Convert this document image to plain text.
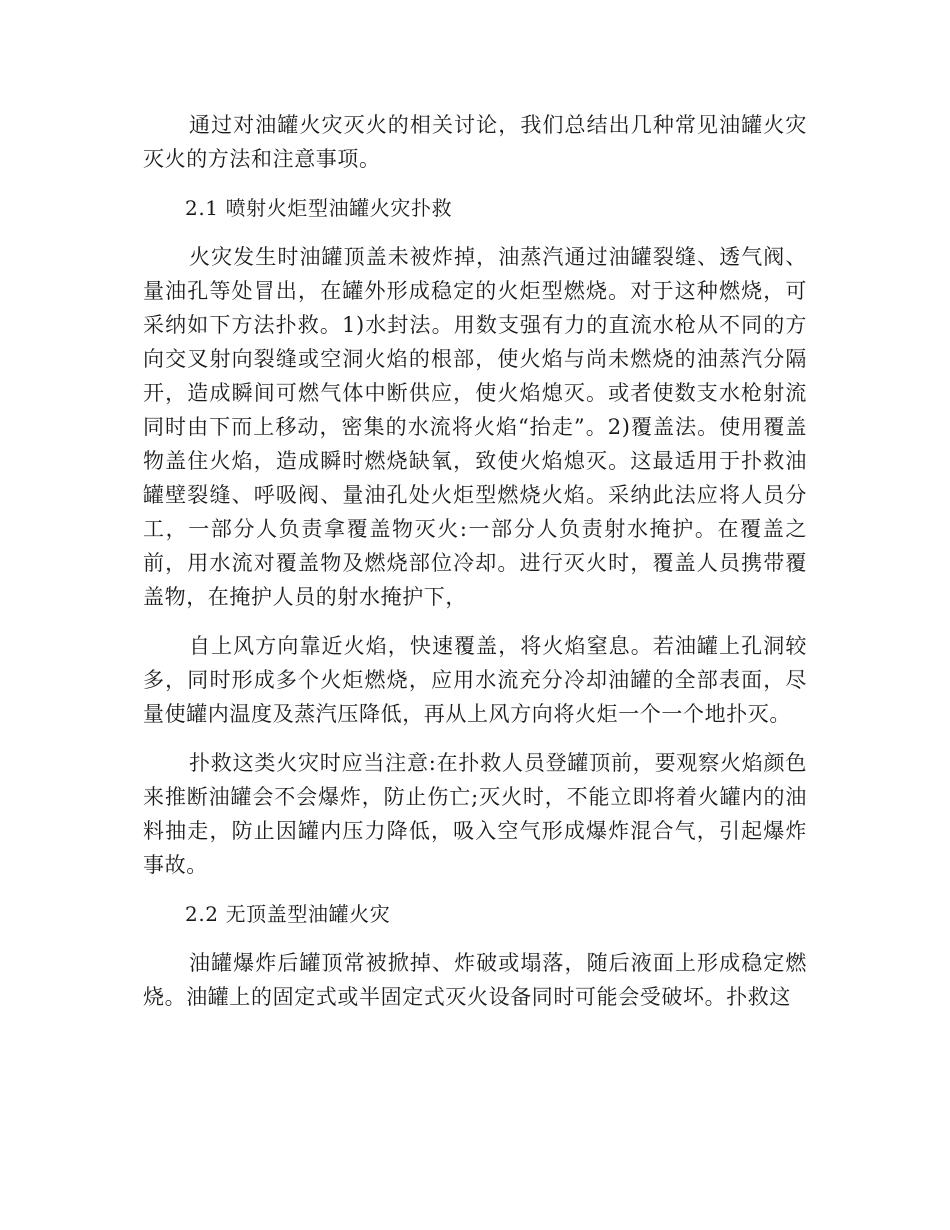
通过对油罐火灾灭火的相关讨论，我们总结出几种常见油罐火灾灭火的方法和注意事项。

2.1 喷射火炬型油罐火灾扑救

火灾发生时油罐顶盖未被炸掉，油蒸汽通过油罐裂缝、透气阀、量油孔等处冒出，在罐外形成稳定的火炬型燃烧。对于这种燃烧，可采纳如下方法扑救。1)水封法。用数支强有力的直流水枪从不同的方向交叉射向裂缝或空洞火焰的根部，使火焰与尚未燃烧的油蒸汽分隔开，造成瞬间可燃气体中断供应，使火焰熄灭。或者使数支水枪射流同时由下而上移动，密集的水流将火焰“抬走”。2)覆盖法。使用覆盖物盖住火焰，造成瞬时燃烧缺氧，致使火焰熄灭。这最适用于扑救油罐壁裂缝、呼吸阀、量油孔处火炬型燃烧火焰。采纳此法应将人员分工，一部分人负责拿覆盖物灭火:一部分人负责射水掩护。在覆盖之前，用水流对覆盖物及燃烧部位冷却。进行灭火时，覆盖人员携带覆盖物，在掩护人员的射水掩护下，

自上风方向靠近火焰，快速覆盖，将火焰窒息。若油罐上孔洞较多，同时形成多个火炬燃烧，应用水流充分冷却油罐的全部表面，尽量使罐内温度及蒸汽压降低，再从上风方向将火炬一个一个地扑灭。

扑救这类火灾时应当注意:在扑救人员登罐顶前，要观察火焰颜色来推断油罐会不会爆炸，防止伤亡;灭火时，不能立即将着火罐内的油料抽走，防止因罐内压力降低，吸入空气形成爆炸混合气，引起爆炸事故。

2.2 无顶盖型油罐火灾

油罐爆炸后罐顶常被掀掉、炸破或塌落，随后液面上形成稳定燃烧。油罐上的固定式或半固定式灭火设备同时可能会受破坏。扑救这
